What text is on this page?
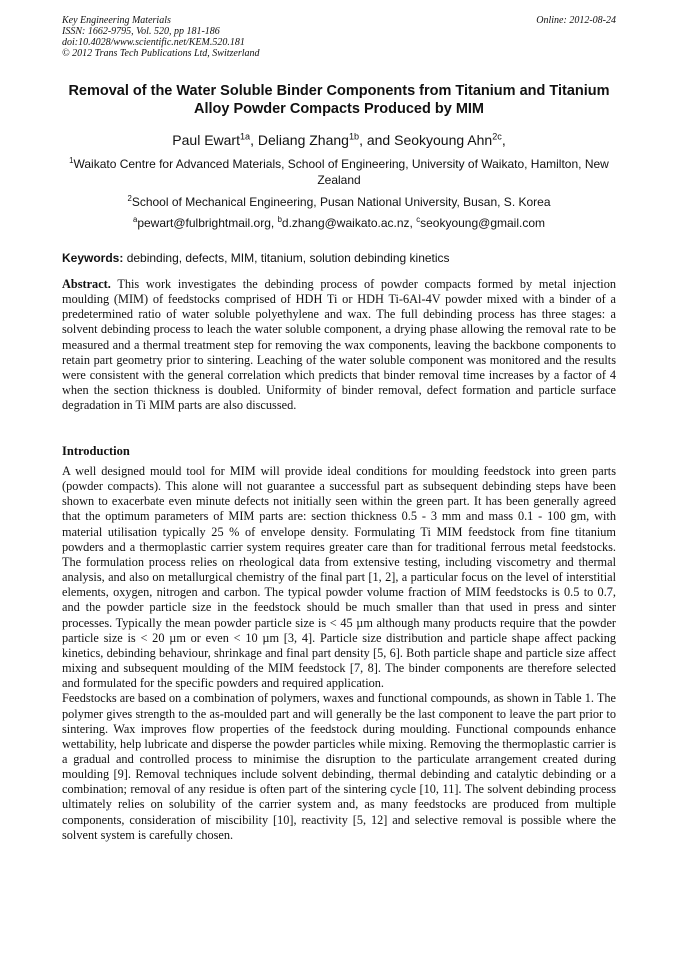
Key Engineering Materials
ISSN: 1662-9795, Vol. 520, pp 181-186
doi:10.4028/www.scientific.net/KEM.520.181
© 2012 Trans Tech Publications Ltd, Switzerland
Online: 2012-08-24
Removal of the Water Soluble Binder Components from Titanium and Titanium Alloy Powder Compacts Produced by MIM
Paul Ewart$^{1a}$, Deliang Zhang$^{1b}$, and Seokyoung Ahn$^{2c}$,
$^1$Waikato Centre for Advanced Materials, School of Engineering, University of Waikato, Hamilton, New Zealand
$^2$School of Mechanical Engineering, Pusan National University, Busan, S. Korea
$^a$pewart@fulbrightmail.org, $^b$d.zhang@waikato.ac.nz, $^c$seokyoung@gmail.com
Keywords: debinding, defects, MIM, titanium, solution debinding kinetics

Abstract. This work investigates the debinding process of powder compacts formed by metal injection moulding (MIM) of feedstocks comprised of HDH Ti or HDH Ti-6Al-4V powder mixed with a binder of a predetermined ratio of water soluble polyethylene and wax. The full debinding process has three stages: a solvent debinding process to leach the water soluble component, a drying phase allowing the removal rate to be measured and a thermal treatment step for removing the wax components, leaving the backbone components to retain part geometry prior to sintering. Leaching of the water soluble component was monitored and the results were consistent with the general correlation which predicts that binder removal time increases by a factor of 4 when the section thickness is doubled. Uniformity of binder removal, defect formation and particle surface degradation in Ti MIM parts are also discussed.

Introduction

A well designed mould tool for MIM will provide ideal conditions for moulding feedstock into green parts (powder compacts). This alone will not guarantee a successful part as subsequent debinding steps have been shown to exacerbate even minute defects not initially seen within the green part. It has been generally agreed that the optimum parameters of MIM parts are: section thickness 0.5 - 3 mm and mass 0.1 - 100 gm, with material utilisation typically 25 % of envelope density. Formulating Ti MIM feedstock from fine titanium powders and a thermoplastic carrier system requires greater care than for traditional ferrous metal feedstocks. The formulation process relies on rheological data from extensive testing, including viscometry and thermal analysis, and also on metallurgical chemistry of the final part [1, 2], a particular focus on the level of interstitial elements, oxygen, nitrogen and carbon. The typical powder volume fraction of MIM feedstocks is 0.5 to 0.7, and the powder particle size in the feedstock should be much smaller than that used in press and sinter processes. Typically the mean powder particle size is < 45 µm although many products require that the powder particle size is < 20 µm or even < 10 µm [3, 4]. Particle size distribution and particle shape affect packing kinetics, debinding behaviour, shrinkage and final part density [5, 6]. Both particle shape and particle size affect mixing and subsequent moulding of the MIM feedstock [7, 8]. The binder components are therefore selected and formulated for the specific powders and required application.

Feedstocks are based on a combination of polymers, waxes and functional compounds, as shown in Table 1. The polymer gives strength to the as-moulded part and will generally be the last component to leave the part prior to sintering. Wax improves flow properties of the feedstock during moulding. Functional compounds enhance wettability, help lubricate and disperse the powder particles while mixing. Removing the thermoplastic carrier is a gradual and controlled process to minimise the disruption to the particulate arrangement created during moulding [9]. Removal techniques include solvent debinding, thermal debinding and catalytic debinding or a combination; removal of any residue is often part of the sintering cycle [10, 11]. The solvent debinding process ultimately relies on solubility of the carrier system and, as many feedstocks are produced from multiple components, consideration of miscibility [10], reactivity [5, 12] and selective removal is possible where the solvent system is carefully chosen.
